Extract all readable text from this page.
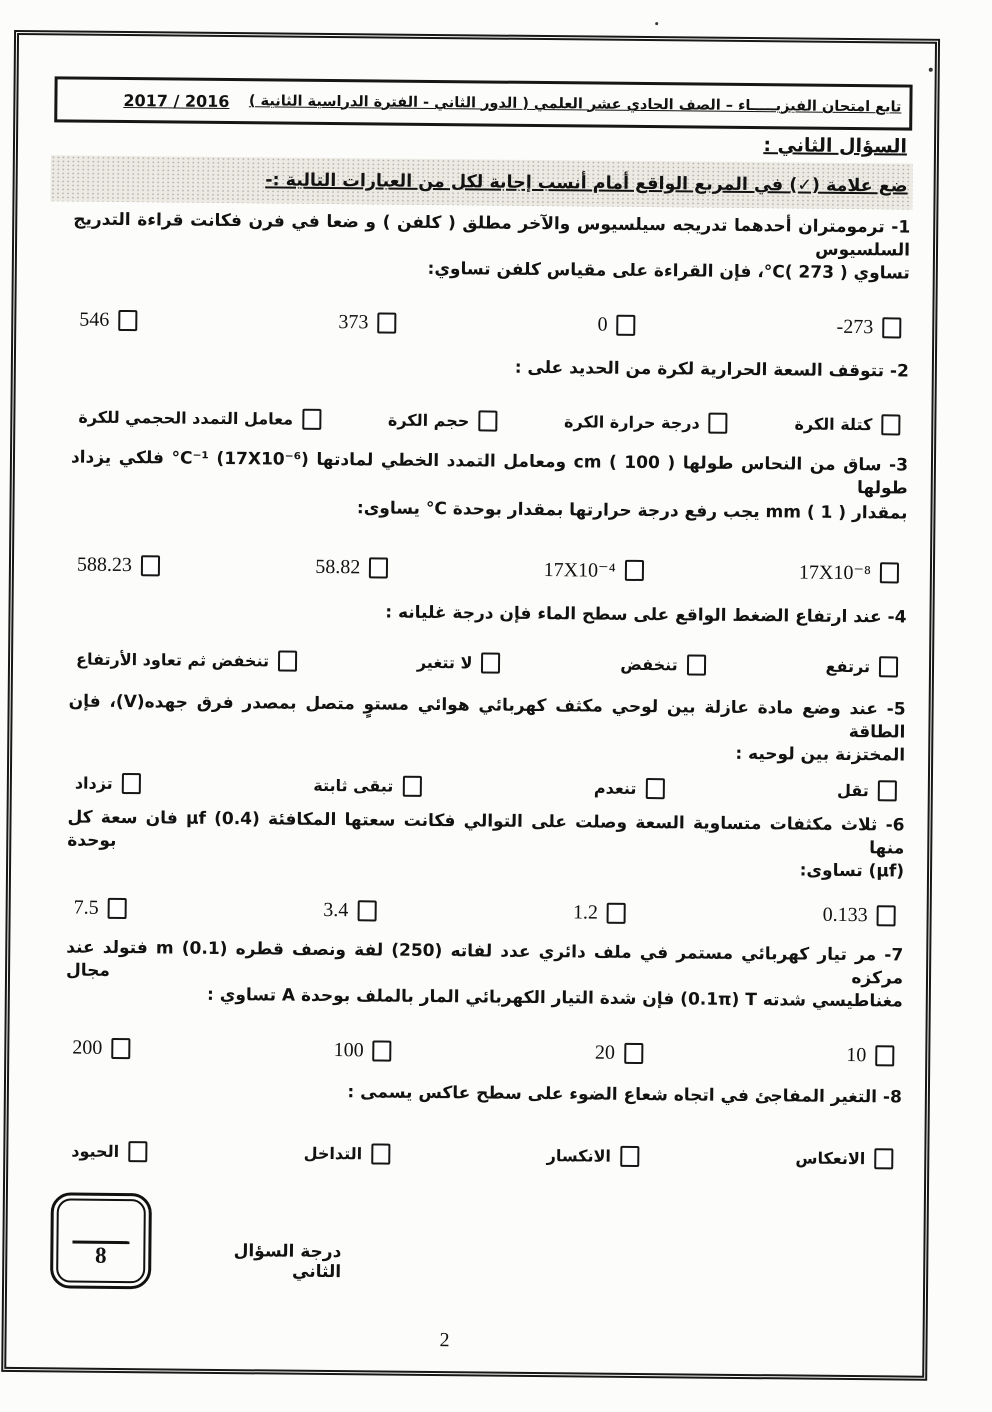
تابع امتحان الفيزيـــــاء – الصف الحادي عشر العلمي ( الدور الثاني - الفترة الدراسية الثانية )
2016 / 2017
السؤال الثاني :
ضع علامة (✓) في المربع الواقع أمام أنسب إجابة لكل من العبارات التالية :-
1- ترمومتران أحدهما تدريجه سيلسيوس والآخر مطلق ( كلفن ) و ضعا في فرن فكانت قراءة التدريج السلسيوس
تساوي ‎°C( 273 )‎، فإن القراءة على مقياس كلفن تساوي:
-273
0
373
546
2- تتوقف السعة الحرارية لكرة من الحديد على :
كتلة الكرة
درجة حرارة الكرة
حجم الكرة
معامل التمدد الحجمي للكرة
3- ساق من النحاس طولها ‎cm ( 100 )‎ ومعامل التمدد الخطي لمادتها ‎°C⁻¹‎ ‎(17X10⁻⁶)‎ فلكي يزداد طولها
بمقدار ‎mm ( 1 )‎ يجب رفع درجة حرارتها بمقدار بوحدة ‎°C‎ يساوى:
17X10⁻⁸
17X10⁻⁴
58.82
588.23
4- عند ارتفاع الضغط الواقع على سطح الماء فإن درجة غليانه :
ترتفع
تنخفض
لا تتغير
تنخفض ثم تعاود الأرتفاع
5- عند وضع مادة عازلة بين لوحي مكثف كهربائي هوائي مستوٍ متصل بمصدر فرق جهده‎(V)‎، فإن الطاقة
المختزنة بين لوحيه :
تقل
تنعدم
تبقى ثابتة
تزداد
6- ثلاث مكثفات متساوية السعة وصلت على التوالي فكانت سعتها المكافئة ‎μf‎ ‎(0.4)‎ فان سعة كل منها بوحدة
‎(μf)‎ تساوى:
0.133
1.2
3.4
7.5
7- مر تيار كهربائي مستمر في ملف دائري عدد لفاته ‎(250)‎ لفة ونصف قطره ‎m‎ ‎(0.1)‎ فتولد عند مركزه مجال
مغناطيسي شدته ‎(0.1π) T‎ فإن شدة التيار الكهربائي المار بالملف بوحدة ‎A‎ تساوي :
10
20
100
200
8- التغير المفاجئ في اتجاه شعاع الضوء على سطح عاكس يسمى :
الانعكاس
الانكسار
التداخل
الحيود
8	درجة السؤال الثاني
2
